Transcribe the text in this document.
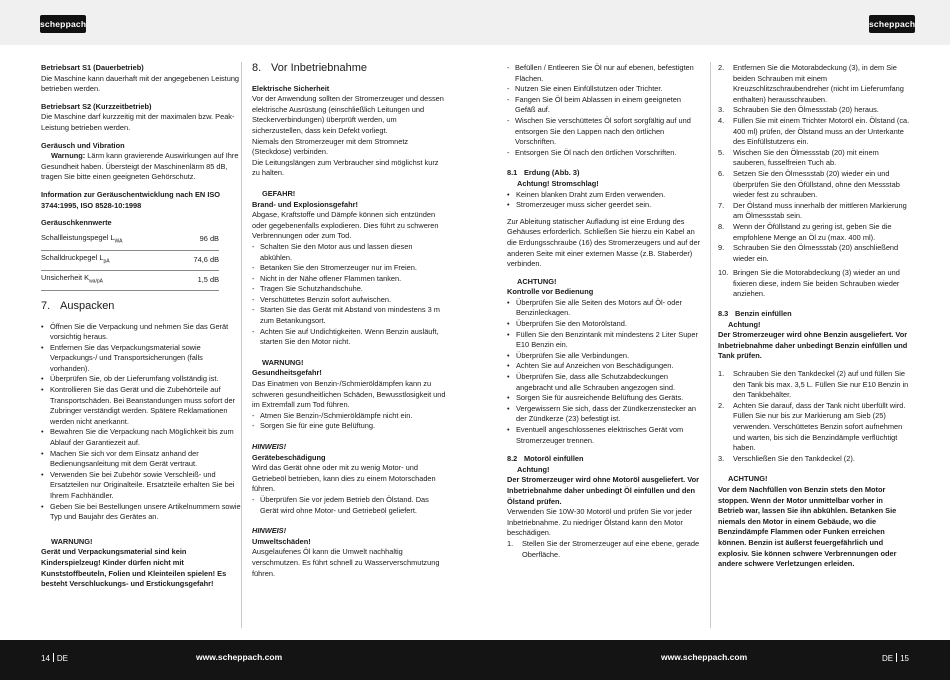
scheppach	scheppach

Betriebsart S1 (Dauerbetrieb)
Die Maschine kann dauerhaft mit der angegebenen Leistung betrieben werden.

Betriebsart S2 (Kurzzeitbetrieb)
Die Maschine darf kurzzeitig mit der maximalen bzw. Peak-Leistung betrieben werden.

Geräusch und Vibration
Warnung: Lärm kann gravierende Auswirkungen auf Ihre Gesundheit haben. Übersteigt der Maschinenlärm 85 dB, tragen Sie bitte einen geeigneten Gehörschutz.

Information zur Geräuschentwicklung nach EN ISO 3744:1995, ISO 8528-10:1998

Geräuschkennwerte
Schallleistungspegel $L_{WA}$	96 dB
Schalldruckpegel $L_{pA}$	74,6 dB
Unsicherheit $K_{wa/pA}$	1,5 dB
7. Auspacken
• Öffnen Sie die Verpackung und nehmen Sie das Gerät vorsichtig heraus.
• Entfernen Sie das Verpackungsmaterial sowie Verpackungs-/ und Transportsicherungen (falls vorhanden).
• Überprüfen Sie, ob der Lieferumfang vollständig ist.
• Kontrollieren Sie das Gerät und die Zubehörteile auf Transportschäden. Bei Beanstandungen muss sofort der Zubringer verständigt werden. Spätere Reklamationen werden nicht anerkannt.
• Bewahren Sie die Verpackung nach Möglichkeit bis zum Ablauf der Garantiezeit auf.
• Machen Sie sich vor dem Einsatz anhand der Bedienungsanleitung mit dem Gerät vertraut.
• Verwenden Sie bei Zubehör sowie Verschleiß- und Ersatzteilen nur Originalteile. Ersatzteile erhalten Sie bei Ihrem Fachhändler.
• Geben Sie bei Bestellungen unsere Artikelnummern sowie Typ und Baujahr des Gerätes an.
WARNUNG!
Gerät und Verpackungsmaterial sind kein Kinderspielzeug! Kinder dürfen nicht mit Kunststoffbeuteln, Folien und Kleinteilen spielen! Es besteht Verschluckungs- und Erstickungsgefahr!
8. Vor Inbetriebnahme
Elektrische Sicherheit
Vor der Anwendung sollten der Stromerzeuger und dessen elektrische Ausrüstung (einschließlich Leitungen und Steckerverbindungen) überprüft werden, um sicherzustellen, dass kein Defekt vorliegt.
Niemals den Stromerzeuger mit dem Stromnetz (Steckdose) verbinden.

Die Leitungslängen zum Verbraucher sind möglichst kurz zu halten.

GEFAHR!
Brand- und Explosionsgefahr!
Abgase, Kraftstoffe und Dämpfe können sich entzünden oder gegebenenfalls explodieren. Dies führt zu schweren Verbrennungen oder zum Tod.
- Schalten Sie den Motor aus und lassen diesen abkühlen.
- Betanken Sie den Stromerzeuger nur im Freien.
- Nicht in der Nähe offener Flammen tanken.
- Tragen Sie Schutzhandschuhe.
- Verschüttetes Benzin sofort aufwischen.
- Starten Sie das Gerät mit Abstand von mindestens 3 m zum Betankungsort.
- Achten Sie auf Undichtigkeiten. Wenn Benzin ausläuft, starten Sie den Motor nicht.
WARNUNG!
Gesundheitsgefahr!
Das Einatmen von Benzin-/Schmieröldämpfen kann zu schweren gesundheitlichen Schäden, Bewusstlosigkeit und im Extremfall zum Tod führen.
- Atmen Sie Benzin-/Schmieröldämpfe nicht ein.
- Sorgen Sie für eine gute Belüftung.
HINWEIS!
Gerätebeschädigung
Wird das Gerät ohne oder mit zu wenig Motor- und Getriebeöl betrieben, kann dies zu einem Motorschaden führen.
- Überprüfen Sie vor jedem Betrieb den Ölstand. Das Gerät wird ohne Motor- und Getriebeöl geliefert.
HINWEIS!
Umweltschäden!
Ausgelaufenes Öl kann die Umwelt nachhaltig verschmutzen. Es führt schnell zu Wasserverschmutzung führen.
- Befüllen / Entleeren Sie Öl nur auf ebenen, befestigten Flächen.
- Nutzen Sie einen Einfüllstutzen oder Trichter.
- Fangen Sie Öl beim Ablassen in einem geeigneten Gefäß auf.
- Wischen Sie verschüttetes Öl sofort sorgfältig auf und entsorgen Sie den Lappen nach den örtlichen Vorschriften.
- Entsorgen Sie Öl nach den örtlichen Vorschriften.
8.1 Erdung (Abb. 3)
Achtung! Stromschlag!
• Keinen blanken Draht zum Erden verwenden.
• Stromerzeuger muss sicher geerdet sein.

Zur Ableitung statischer Aufladung ist eine Erdung des Gehäuses erforderlich. Schließen Sie hierzu ein Kabel an die Erdungsschraube (16) des Stromerzeugers und auf der anderen Seite mit einer externen Masse (z.B. Staberder) verbinden.

ACHTUNG!
Kontrolle vor Bedienung
• Überprüfen Sie alle Seiten des Motors auf Öl- oder Benzinleckagen.
• Überprüfen Sie den Motorölstand.
• Füllen Sie den Benzintank mit mindestens 2 Liter Super E10 Benzin ein.
• Überprüfen Sie alle Verbindungen.
• Achten Sie auf Anzeichen von Beschädigungen.
• Überprüfen Sie, dass alle Schutzabdeckungen angebracht und alle Schrauben angezogen sind.
• Sorgen Sie für ausreichende Belüftung des Geräts.
• Vergewissern Sie sich, dass der Zündkerzenstecker an der Zündkerze (23) befestigt ist.
• Eventuell angeschlossenes elektrisches Gerät vom Stromerzeuger trennen.
8.2 Motoröl einfüllen
Achtung!
Der Stromerzeuger wird ohne Motoröl ausgeliefert. Vor Inbetriebnahme daher unbedingt Öl einfüllen und den Ölstand prüfen.
Verwenden Sie 10W-30 Motoröl und prüfen Sie vor jeder Inbetriebnahme. Zu niedriger Ölstand kann den Motor beschädigen.
1. Stellen Sie der Stromerzeuger auf eine ebene, gerade Oberfläche.
2. Entfernen Sie die Motorabdeckung (3), in dem Sie beiden Schrauben mit einem Kreuzschlitzschraubendreher (nicht im Lieferumfang enthalten) herausschrauben.
3. Schrauben Sie den Ölmessstab (20) heraus.
4. Füllen Sie mit einem Trichter Motoröl ein. Ölstand (ca. 400 ml) prüfen, der Ölstand muss an der Unterkante des Einfüllstutzens ein.
5. Wischen Sie den Ölmessstab (20) mit einem sauberen, fusselfreien Tuch ab.
6. Setzen Sie den Ölmessstab (20) wieder ein und überprüfen Sie den Öfüllstand, ohne den Messstab wieder fest zu schrauben.
7. Der Ölstand muss innerhalb der mittleren Markierung am Ölmessstab sein.
8. Wenn der Öfüllstand zu gering ist, geben Sie die empfohlene Menge an Öl zu (max. 400 ml).
9. Schrauben Sie den Ölmessstab (20) anschließend wieder ein.
10. Bringen Sie die Motorabdeckung (3) wieder an und fixieren diese, indem Sie beiden Schrauben wieder anziehen.
8.3 Benzin einfüllen
Achtung!

Der Stromerzeuger wird ohne Benzin ausgeliefert. Vor Inbetriebnahme daher unbedingt Benzin einfüllen und Tank prüfen.

1. Schrauben Sie den Tankdeckel (2) auf und füllen Sie den Tank bis max. 3,5 L. Füllen Sie nur E10 Benzin in den Tankbehälter.
2. Achten Sie darauf, dass der Tank nicht überfüllt wird. Füllen Sie nur bis zur Markierung am Sieb (25) verwenden. Verschüttetes Benzin sofort aufnehmen und warten, bis sich die Benzindämpfe verflüchtigt haben.
3. Verschließen Sie den Tankdeckel (2).
ACHTUNG!
Vor dem Nachfüllen von Benzin stets den Motor stoppen. Wenn der Motor unmittelbar vorher in Betrieb war, lassen Sie ihn abkühlen. Betanken Sie niemals den Motor in einem Gebäude, wo die Benzindämpfe Flammen oder Funken erreichen können. Benzin ist äußerst feuergefährlich und explosiv. Sie können schwere Verbrennungen oder andere schwere Verletzungen erleiden.
14 DE	www.scheppach.com	www.scheppach.com	DE 15
